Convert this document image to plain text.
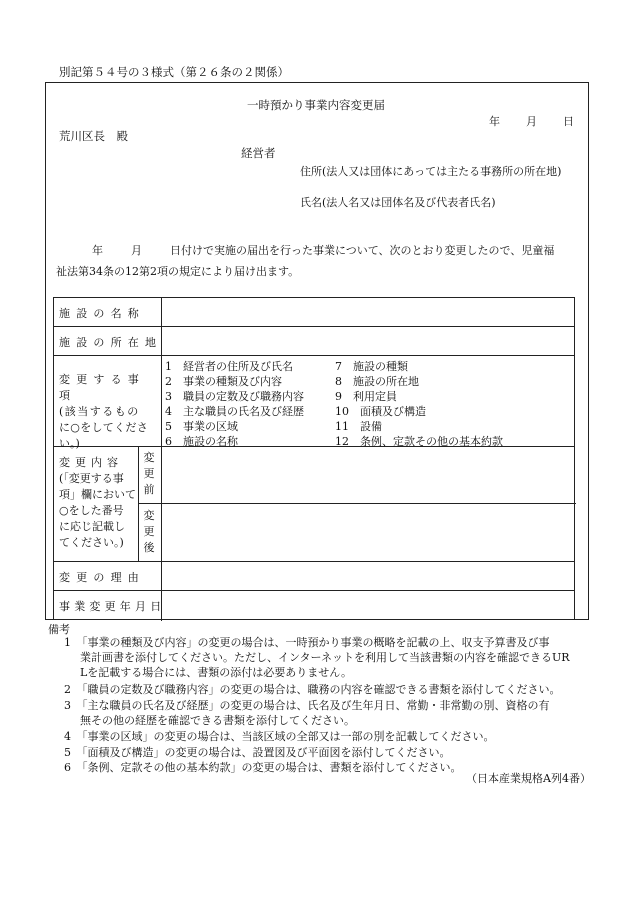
別記第５４号の３様式（第２６条の２関係）
一時預かり事業内容変更届
年 月 日
荒川区長　殿
経営者
住所(法人又は団体にあっては主たる事務所の所在地)
氏名(法人名又は団体名及び代表者氏名)
年	月	日付けで実施の届出を行った事業について、次のとおり変更したので、児童福
祉法第34条の12第2項の規定により届け出ます。
施設の名称
施設の所在地
変更する事項
(該当するもの
に○をしてくださ
い。)
1　経営者の住所及び氏名
2　事業の種類及び内容
3　職員の定数及び職務内容
4　主な職員の氏名及び経歴
5　事業の区域
6　施設の名称
7　施設の種類
8　施設の所在地
9　利用定員
10　面積及び構造
11　設備
12　条例、定款その他の基本約款
変更内容
(「変更する事
項」欄において
○をした番号
に応じ記載し
てください。)
変
更
前
変
更
後
変更の理由
事業変更年月日
備考
1　「事業の種類及び内容」の変更の場合は、一時預かり事業の概略を記載の上、収支予算書及び事
業計画書を添付してください。ただし、インターネットを利用して当該書類の内容を確認できるUR
Lを記載する場合には、書類の添付は必要ありません。
2　「職員の定数及び職務内容」の変更の場合は、職務の内容を確認できる書類を添付してください。
3　「主な職員の氏名及び経歴」の変更の場合は、氏名及び生年月日、常勤・非常勤の別、資格の有
無その他の経歴を確認できる書類を添付してください。
4　「事業の区域」の変更の場合は、当該区域の全部又は一部の別を記載してください。
5　「面積及び構造」の変更の場合は、設置図及び平面図を添付してください。
6　「条例、定款その他の基本約款」の変更の場合は、書類を添付してください。
（日本産業規格A列4番）
